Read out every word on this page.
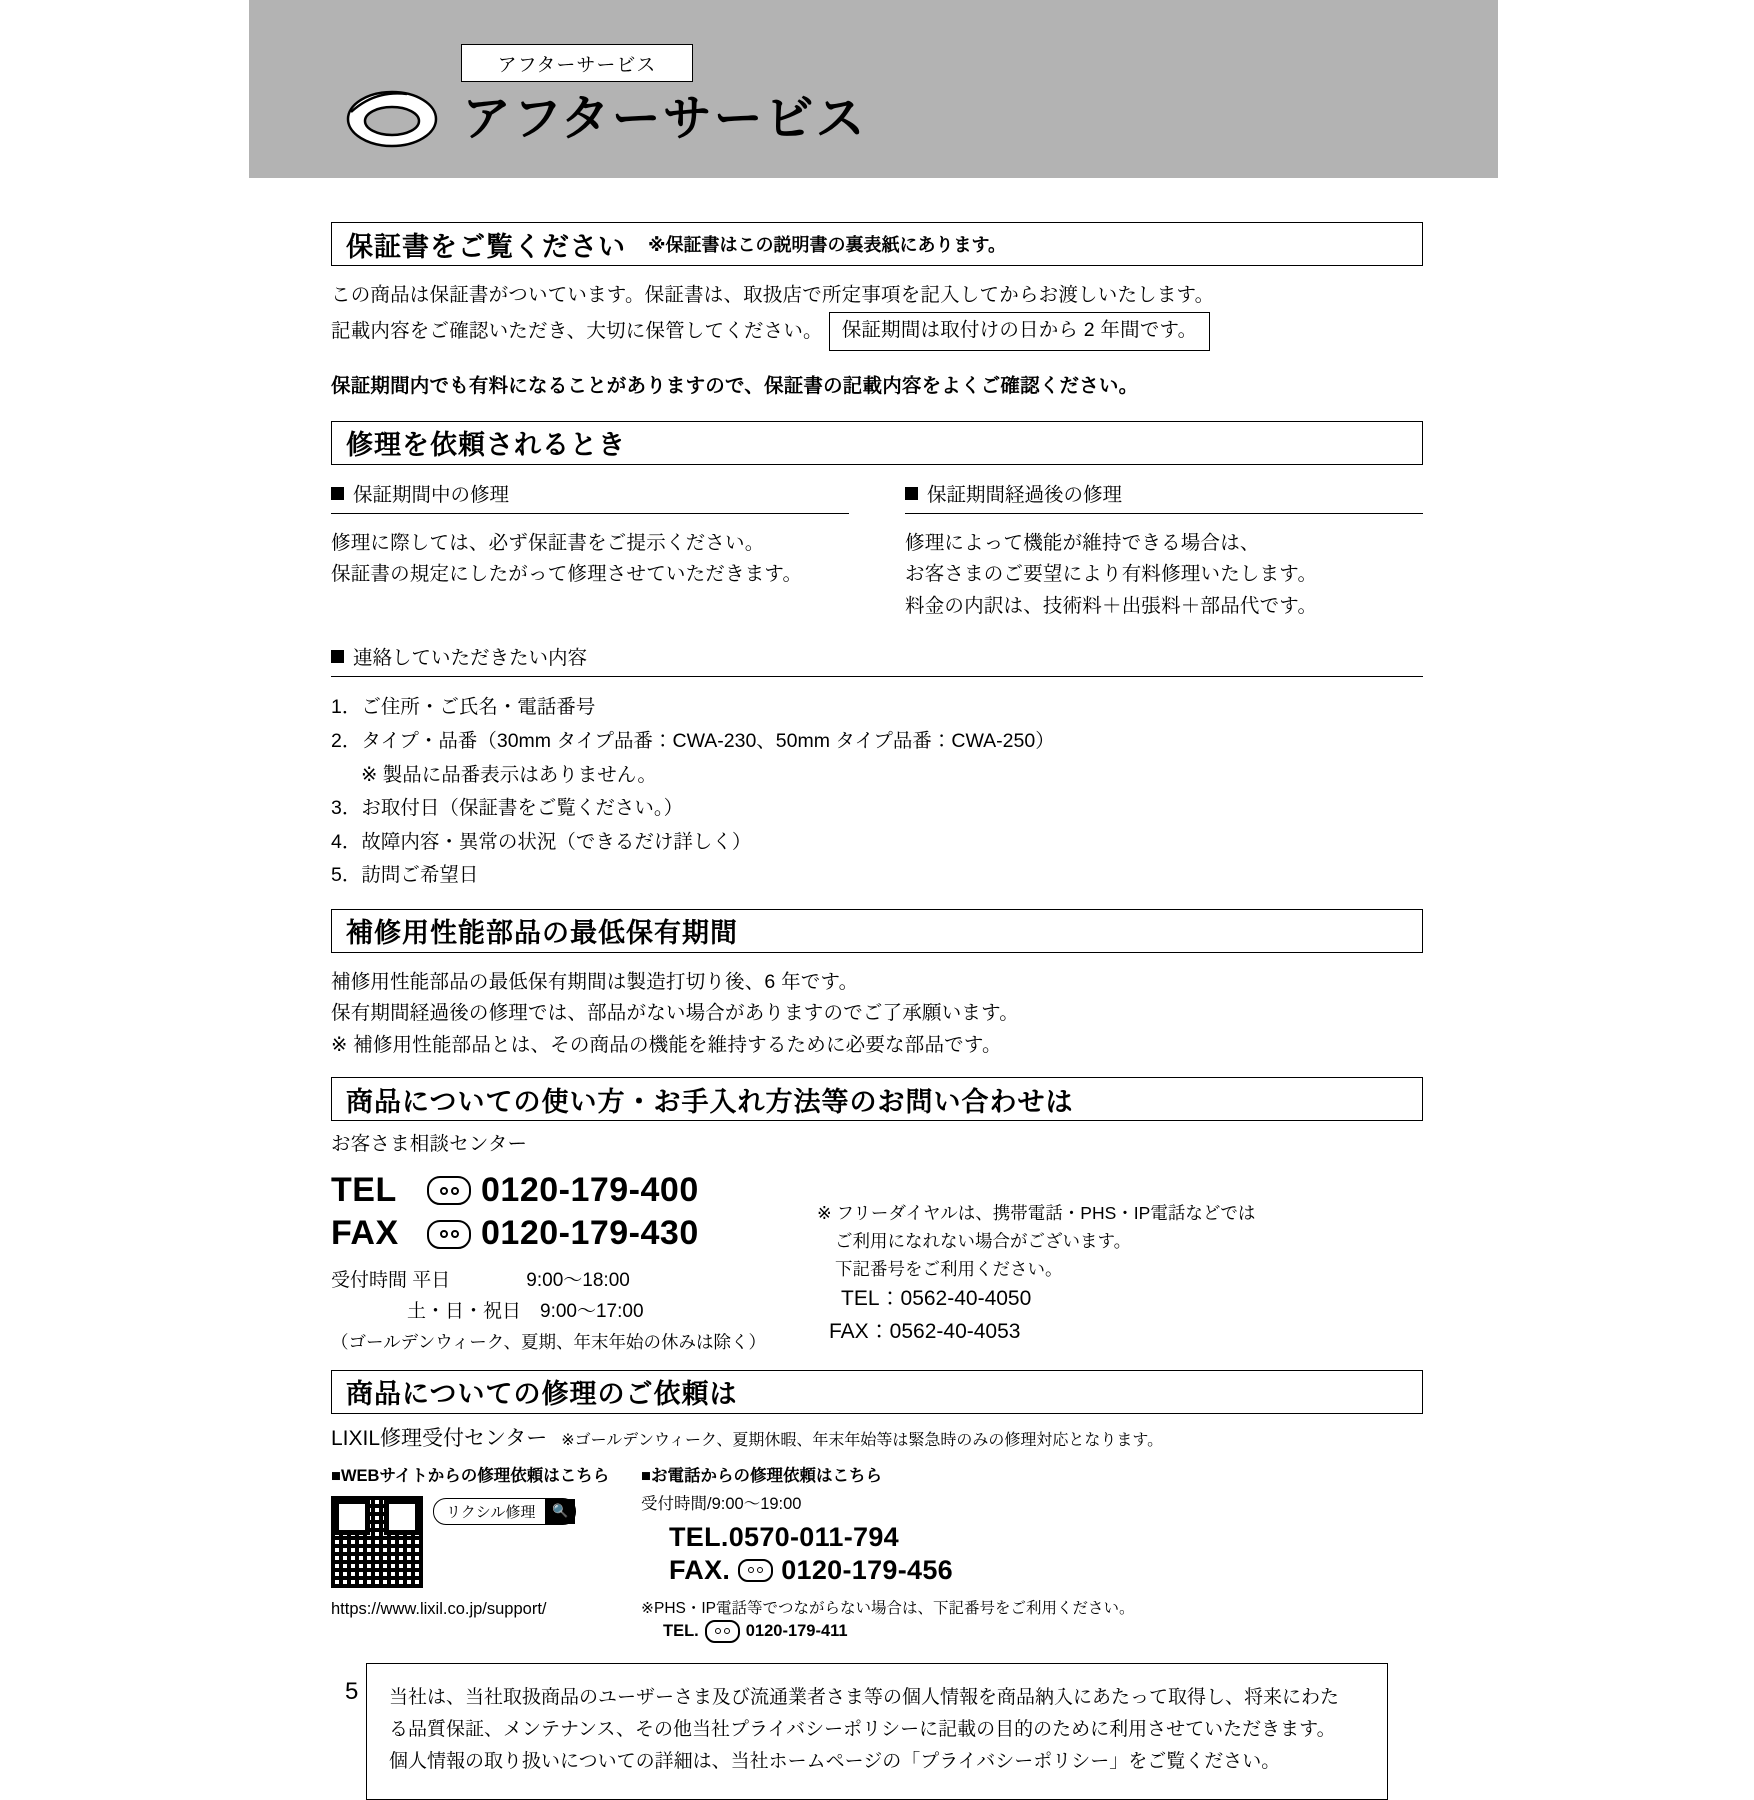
アフターサービス
アフターサービス
保証書をご覧ください ※保証書はこの説明書の裏表紙にあります。
この商品は保証書がついています。保証書は、取扱店で所定事項を記入してからお渡しいたします。
記載内容をご確認いただき、大切に保管してください。 保証期間は取付けの日から 2 年間です。
保証期間内でも有料になることがありますので、保証書の記載内容をよくご確認ください。
修理を依頼されるとき
保証期間中の修理
修理に際しては、必ず保証書をご提示ください。
保証書の規定にしたがって修理させていただきます。
保証期間経過後の修理
修理によって機能が維持できる場合は、
お客さまのご要望により有料修理いたします。
料金の内訳は、技術料＋出張料＋部品代です。
連絡していただきたい内容
1．ご住所・ご氏名・電話番号
2．タイプ・品番（30mm タイプ品番：CWA-230、50mm タイプ品番：CWA-250）
※ 製品に品番表示はありません。
3．お取付日（保証書をご覧ください。）
4．故障内容・異常の状況（できるだけ詳しく）
5．訪問ご希望日
補修用性能部品の最低保有期間
補修用性能部品の最低保有期間は製造打切り後、6 年です。
保有期間経過後の修理では、部品がない場合がありますのでご了承願います。
※ 補修用性能部品とは、その商品の機能を維持するために必要な部品です。
商品についての使い方・お手入れ方法等のお問い合わせは
お客さま相談センター
TEL	0120-179-400
FAX	0120-179-430
受付時間 平日　　　　9:00〜18:00
土・日・祝日　9:00〜17:00
（ゴールデンウィーク、夏期、年末年始の休みは除く）
※ フリーダイヤルは、携帯電話・PHS・IP電話などでは
ご利用になれない場合がございます。
下記番号をご利用ください。
TEL：0562-40-4050
FAX：0562-40-4053
商品についての修理のご依頼は
LIXIL修理受付センター ※ゴールデンウィーク、夏期休暇、年末年始等は緊急時のみの修理対応となります。
■WEBサイトからの修理依頼はこちら
リクシル修理	🔍
https://www.lixil.co.jp/support/
■お電話からの修理依頼はこちら
受付時間/9:00〜19:00
TEL.0570-011-794
FAX. 0120-179-456
※PHS・IP電話等でつながらない場合は、下記番号をご利用ください。
TEL.	0120-179-411
当社は、当社取扱商品のユーザーさま及び流通業者さま等の個人情報を商品納入にあたって取得し、将来にわた
る品質保証、メンテナンス、その他当社プライバシーポリシーに記載の目的のために利用させていただきます。
個人情報の取り扱いについての詳細は、当社ホームページの「プライバシーポリシー」をご覧ください。
5
